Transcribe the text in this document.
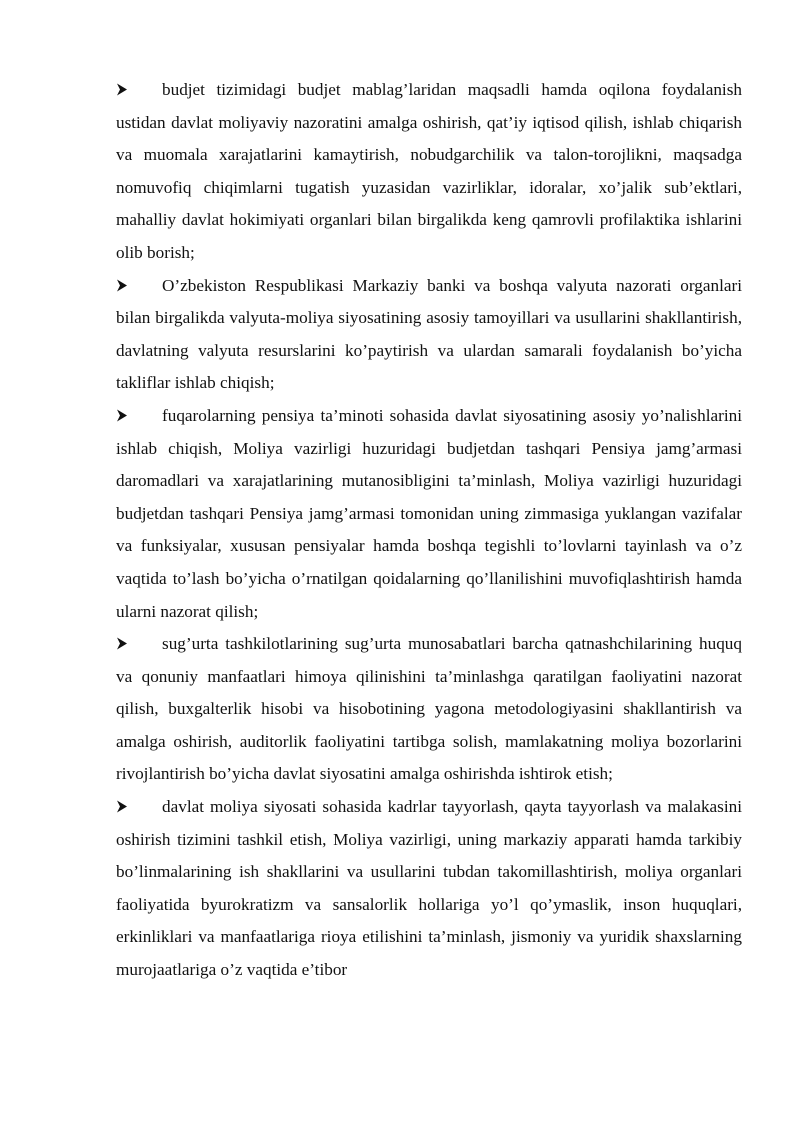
budjet tizimidagi budjet mablag’laridan maqsadli hamda oqilona foydalanish ustidan davlat moliyaviy nazoratini amalga oshirish, qat’iy iqtisod qilish, ishlab chiqarish va muomala xarajatlarini kamaytirish, nobudgarchilik va talon-torojlikni, maqsadga nomuvofiq chiqimlarni tugatish yuzasidan vazirliklar, idoralar, xo’jalik sub’ektlari, mahalliy davlat hokimiyati organlari bilan birgalikda keng qamrovli profilaktika ishlarini olib borish;

O’zbekiston Respublikasi Markaziy banki va boshqa valyuta nazorati organlari bilan birgalikda valyuta-moliya siyosatining asosiy tamoyillari va usullarini shakllantirish, davlatning valyuta resurslarini ko’paytirish va ulardan samarali foydalanish bo’yicha takliflar ishlab chiqish;

fuqarolarning pensiya ta’minoti sohasida davlat siyosatining asosiy yo’nalishlarini ishlab chiqish, Moliya vazirligi huzuridagi budjetdan tashqari Pensiya jamg’armasi daromadlari va xarajatlarining mutanosibligini ta’minlash, Moliya vazirligi huzuridagi budjetdan tashqari Pensiya jamg’armasi tomonidan uning zimmasiga yuklangan vazifalar va funksiyalar, xususan pensiyalar hamda boshqa tegishli to’lovlarni tayinlash va o’z vaqtida to’lash bo’yicha o’rnatilgan qoidalarning qo’llanilishini muvofiqlashtirish hamda ularni nazorat qilish;

sug’urta tashkilotlarining sug’urta munosabatlari barcha qatnashchilarining huquq va qonuniy manfaatlari himoya qilinishini ta’minlashga qaratilgan faoliyatini nazorat qilish, buxgalterlik hisobi va hisobotining yagona metodologiyasini shakllantirish va amalga oshirish, auditorlik faoliyatini tartibga solish, mamlakatning moliya bozorlarini rivojlantirish bo’yicha davlat siyosatini amalga oshirishda ishtirok etish;

davlat moliya siyosati sohasida kadrlar tayyorlash, qayta tayyorlash va malakasini oshirish tizimini tashkil etish, Moliya vazirligi, uning markaziy apparati hamda tarkibiy bo’linmalarining ish shakllarini va usullarini tubdan takomillashtirish, moliya organlari faoliyatida byurokratizm va sansalorlik hollariga yo’l qo’ymaslik, inson huquqlari, erkinliklari va manfaatlariga rioya etilishini ta’minlash, jismoniy va yuridik shaxslarning murojaatlariga o’z vaqtida e’tibor
